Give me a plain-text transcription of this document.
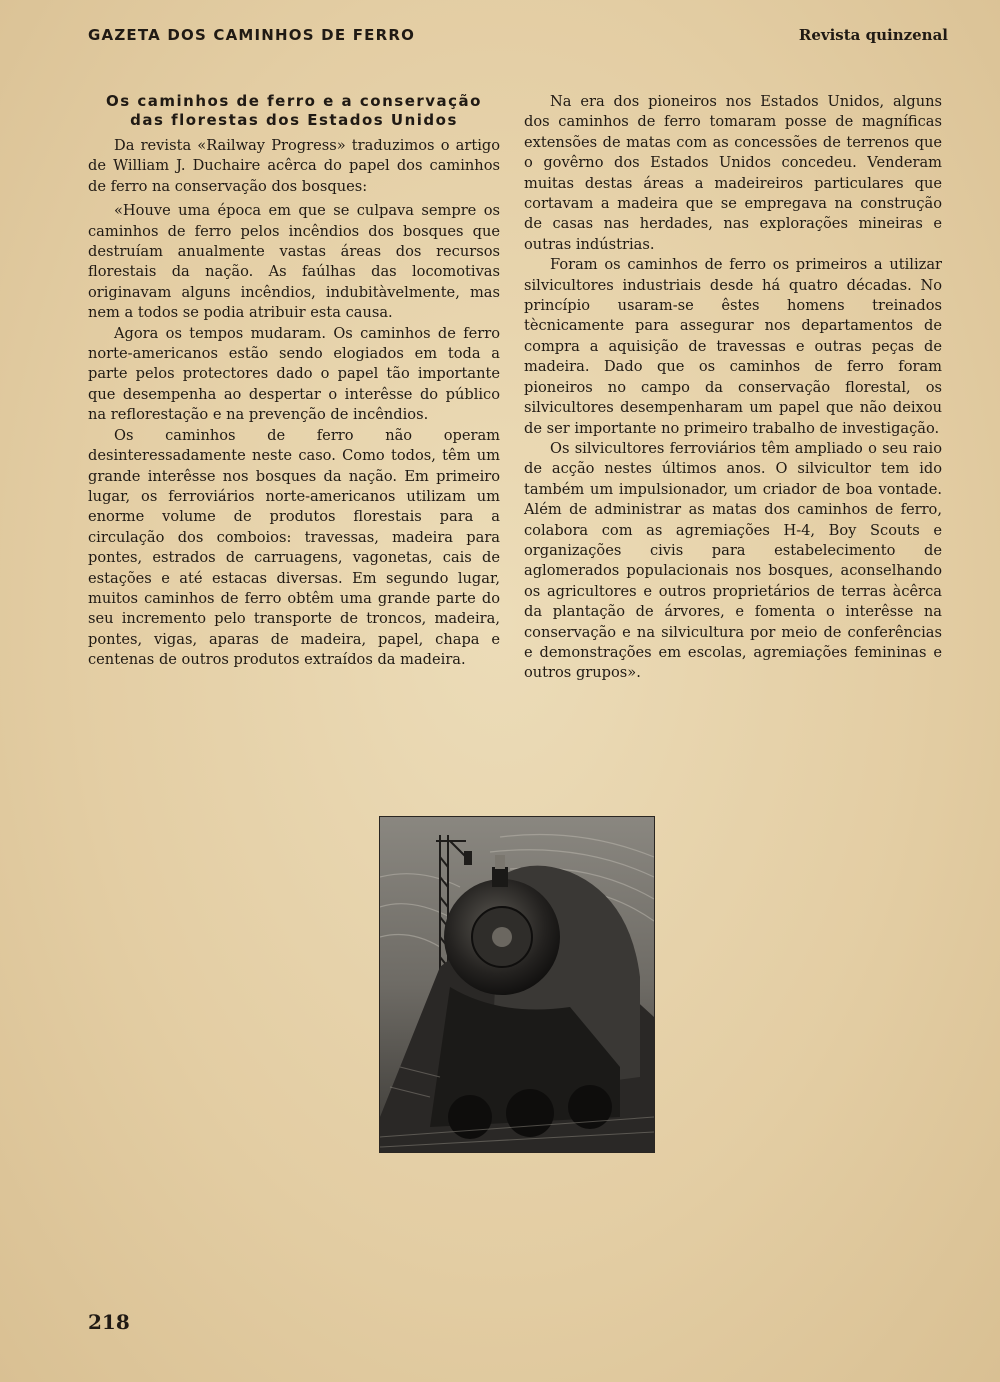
GAZETA DOS CAMINHOS DE FERRO	Revista quinzenal
Os caminhos de ferro e a conservação
das florestas dos Estados Unidos

Da revista «Railway Progress» traduzimos o artigo de William J. Duchaire acêrca do papel dos caminhos de ferro na conservação dos bosques:

«Houve uma época em que se culpava sempre os caminhos de ferro pelos incêndios dos bosques que destruíam anualmente vastas áreas dos recursos florestais da nação. As faúlhas das locomotivas originavam alguns incêndios, indubitàvelmente, mas nem a todos se podia atribuir esta causa.

Agora os tempos mudaram. Os caminhos de ferro norte-americanos estão sendo elogiados em toda a parte pelos protectores dado o papel tão importante que desempenha ao despertar o interêsse do público na reflorestação e na prevenção de incêndios.

Os caminhos de ferro não operam desinteressadamente neste caso. Como todos, têm um grande interêsse nos bosques da nação. Em primeiro lugar, os ferroviários norte-americanos utilizam um enorme volume de produtos florestais para a circulação dos comboios: travessas, madeira para pontes, estrados de carruagens, vagonetas, cais de estações e até estacas diversas. Em segundo lugar, muitos caminhos de ferro obtêm uma grande parte do seu incremento pelo transporte de troncos, madeira, pontes, vigas, aparas de madeira, papel, chapa e centenas de outros produtos extraídos da madeira.

Na era dos pioneiros nos Estados Unidos, alguns dos caminhos de ferro tomaram posse de magníficas extensões de matas com as concessões de terrenos que o govêrno dos Estados Unidos concedeu. Venderam muitas destas áreas a madeireiros particulares que cortavam a madeira que se empregava na construção de casas nas herdades, nas explorações mineiras e outras indústrias.

Foram os caminhos de ferro os primeiros a utilizar silvicultores industriais desde há quatro décadas. No princípio usaram-se êstes homens treinados tècnicamente para assegurar nos departamentos de compra a aquisição de travessas e outras peças de madeira. Dado que os caminhos de ferro foram pioneiros no campo da conservação florestal, os silvicultores desempenharam um papel que não deixou de ser importante no primeiro trabalho de investigação.

Os silvicultores ferroviários têm ampliado o seu raio de acção nestes últimos anos. O silvicultor tem ido também um impulsionador, um criador de boa vontade. Além de administrar as matas dos caminhos de ferro, colabora com as agremiações H-4, Boy Scouts e organizações civis para estabelecimento de aglomerados populacionais nos bosques, aconselhando os agricultores e outros proprietários de terras àcêrca da plantação de árvores, e fomenta o interêsse na conservação e na silvicultura por meio de conferências e demonstrações em escolas, agremiações femininas e outros grupos».

218
